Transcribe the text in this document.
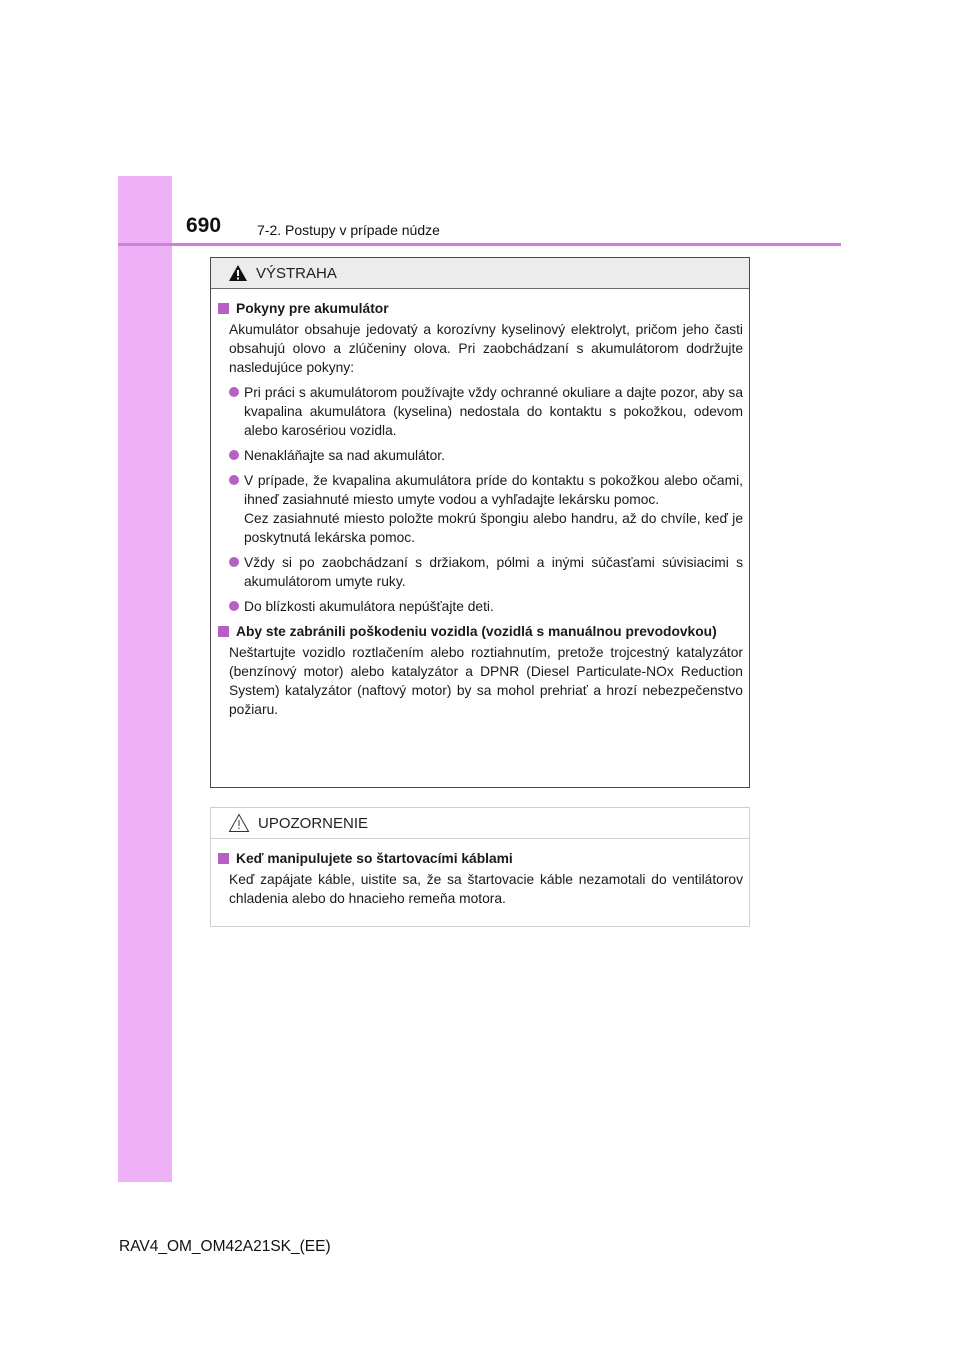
690	7-2. Postupy v prípade núdze
VÝSTRAHA
Pokyny pre akumulátor
Akumulátor obsahuje jedovatý a korozívny kyselinový elektrolyt, pričom jeho časti obsahujú olovo a zlúčeniny olova. Pri zaobchádzaní s akumulátorom dodržujte nasledujúce pokyny:
Pri práci s akumulátorom používajte vždy ochranné okuliare a dajte pozor, aby sa kvapalina akumulátora (kyselina) nedostala do kontaktu s pokožkou, odevom alebo karosériou vozidla.
Nenakláňajte sa nad akumulátor.
V prípade, že kvapalina akumulátora príde do kontaktu s pokožkou alebo očami, ihneď zasiahnuté miesto umyte vodou a vyhľadajte lekársku pomoc.
Cez zasiahnuté miesto položte mokrú špongiu alebo handru, až do chvíle, keď je poskytnutá lekárska pomoc.
Vždy si po zaobchádzaní s držiakom, pólmi a inými súčasťami súvisiacimi s akumulátorom umyte ruky.
Do blízkosti akumulátora nepúšťajte deti.
Aby ste zabránili poškodeniu vozidla (vozidlá s manuálnou prevodovkou)
Neštartujte vozidlo roztlačením alebo roztiahnutím, pretože trojcestný katalyzátor (benzínový motor) alebo katalyzátor a DPNR (Diesel Particulate-NOx Reduction System) katalyzátor (naftový motor) by sa mohol prehriať a hrozí nebezpečenstvo požiaru.
UPOZORNENIE
Keď manipulujete so štartovacími káblami
Keď zapájate káble, uistite sa, že sa štartovacie káble nezamotali do ventilátorov chladenia alebo do hnacieho remeňa motora.
RAV4_OM_OM42A21SK_(EE)
